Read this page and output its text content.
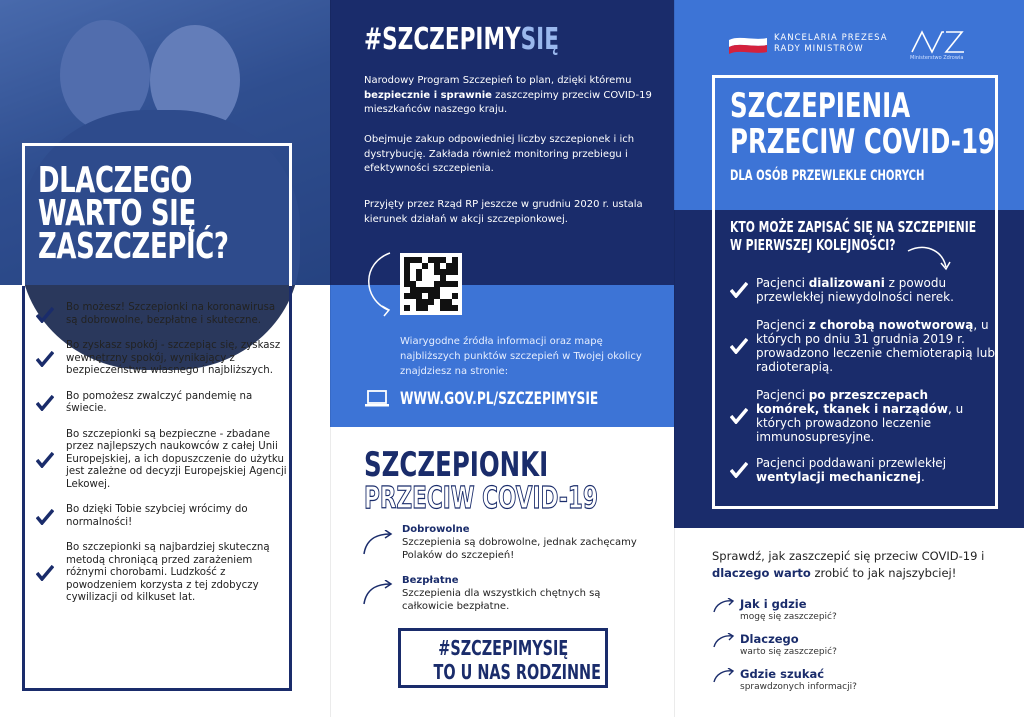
DLACZEGO
WARTO SIĘ
ZASZCZEPIĆ?
Bo możesz! Szczepionki na koronawirusa są dobrowolne, bezpłatne i skuteczne.
Bo zyskasz spokój - szczepiąc się, zyskasz wewnętrzny spokój, wynikający z bezpieczeństwa własnego i najbliższych.
Bo pomożesz zwalczyć pandemię na świecie.
Bo szczepionki są bezpieczne - zbadane przez najlepszych naukowców z całej Unii Europejskiej, a ich dopuszczenie do użytku jest zależne od decyzji Europejskiej Agencji Lekowej.
Bo dzięki Tobie szybciej wrócimy do normalności!
Bo szczepionki są najbardziej skuteczną metodą chroniącą przed zarażeniem różnymi chorobami. Ludzkość z powodzeniem korzysta z tej zdobyczy cywilizacji od kilkuset lat.
#SZCZEPIMYSIĘ
Narodowy Program Szczepień to plan, dzięki któremu bezpiecznie i sprawnie zaszczepimy przeciw COVID-19 mieszkańców naszego kraju.
Obejmuje zakup odpowiedniej liczby szczepionek i ich dystrybucję. Zakłada również monitoring przebiegu i efektywności szczepienia.
Przyjęty przez Rząd RP jeszcze w grudniu 2020 r. ustalа kierunek działań w akcji szczepionkowej.
Wiarygodne źródła informacji oraz mapę najbliższych punktów szczepień w Twojej okolicy znajdziesz na stronie:
WWW.GOV.PL/SZCZEPIMYSIE
SZCZEPIONKI
PRZECIW COVID-19
Dobrowolne
Szczepienia są dobrowolne, jednak zachęcamy Polaków do szczepień!
Bezpłatne
Szczepienia dla wszystkich chętnych są całkowicie bezpłatne.
#SZCZEPIMYSIĘ
TO U NAS RODZINNE
KANCELARIA PREZESA
RADY MINISTRÓW
Ministerstwo Zdrowia
SZCZEPIENIA
PRZECIW COVID-19
DLA OSÓB PRZEWLEKLE CHORYCH
KTO MOŻE ZAPISAĆ SIĘ NA SZCZEPIENIE
W PIERWSZEJ KOLEJNOŚCI?
Pacjenci dializowani z powodu przewlekłej niewydolności nerek.
Pacjenci z chorobą nowotworową, u których po dniu 31 grudnia 2019 r. prowadzono leczenie chemioterapią lub radioterapią.
Pacjenci po przeszczepach komórek, tkanek i narządów, u których prowadzono leczenie immunosupresyjne.
Pacjenci poddawani przewlekłej wentylacji mechanicznej.
Sprawdź, jak zaszczepić się przeciw COVID-19 i dlaczego warto zrobić to jak najszybciej!
Jak i gdzie
mogę się zaszczepić?
Dlaczego
warto się zaszczepić?
Gdzie szukać
sprawdzonych informacji?
